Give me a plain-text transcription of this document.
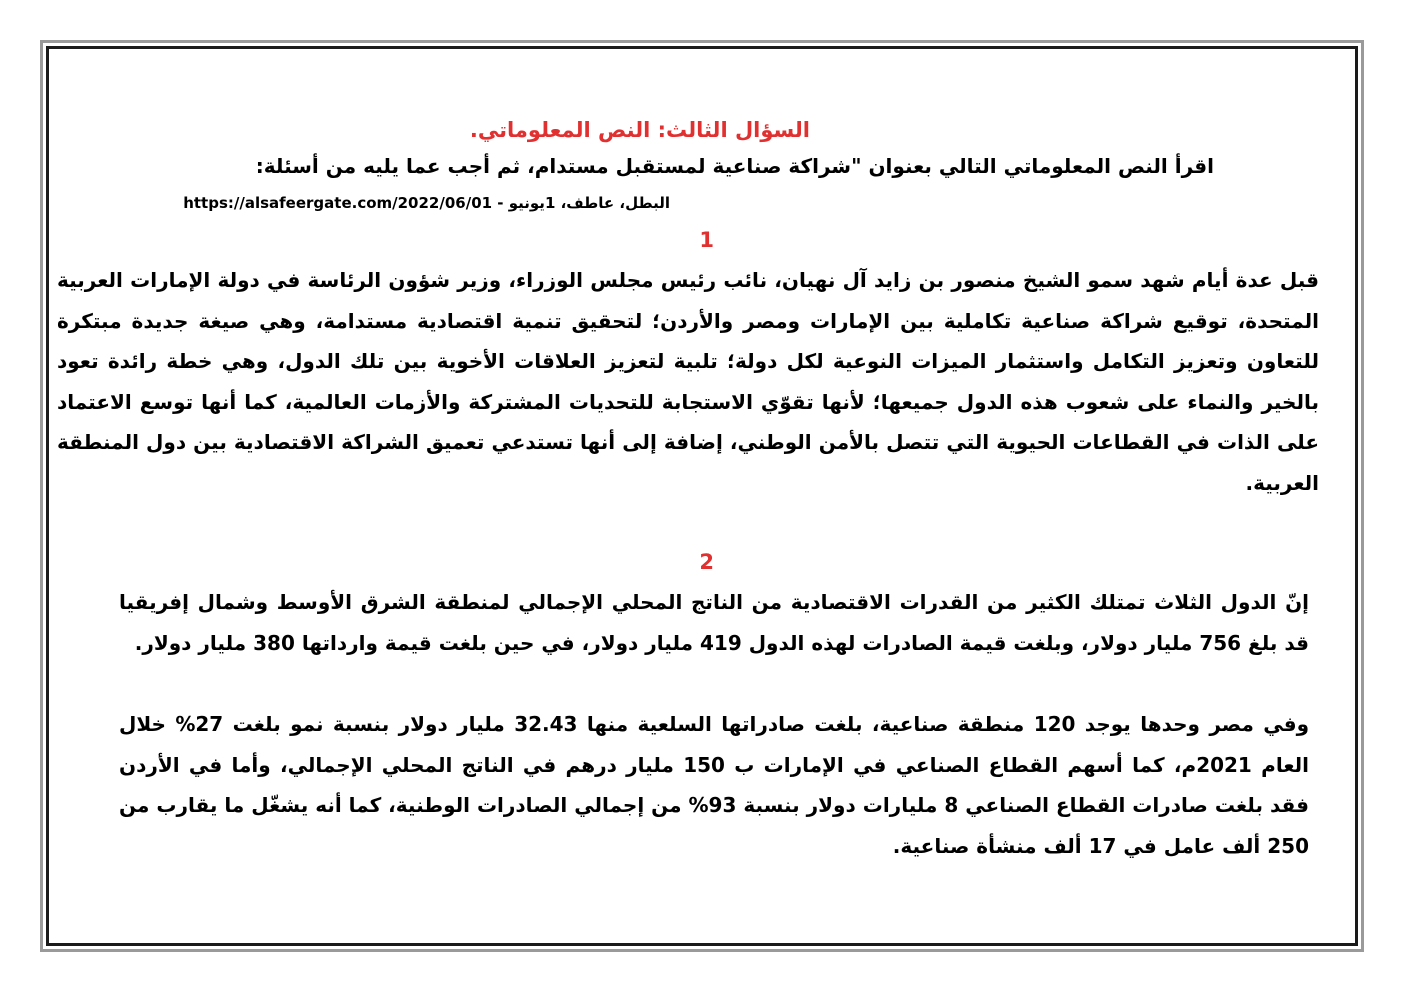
السؤال الثالث: النص المعلوماتي.
اقرأ النص المعلوماتي التالي بعنوان "شراكة صناعية لمستقبل مستدام، ثم أجب عما يليه من أسئلة:
البطل، عاطف، 1يونيو - https://alsafeergate.com/2022/06/01
1
قبل عدة أيام شهد سمو الشيخ منصور بن زايد آل نهيان، نائب رئيس مجلس الوزراء، وزير شؤون الرئاسة في دولة الإمارات العربية المتحدة، توقيع شراكة صناعية تكاملية بين الإمارات ومصر والأردن؛ لتحقيق تنمية اقتصادية مستدامة، وهي صيغة جديدة مبتكرة للتعاون وتعزيز التكامل واستثمار الميزات النوعية لكل دولة؛ تلبية لتعزيز العلاقات الأخوية بين تلك الدول، وهي خطة رائدة تعود بالخير والنماء على شعوب هذه الدول جميعها؛ لأنها تقوّي الاستجابة للتحديات المشتركة والأزمات العالمية، كما أنها توسع الاعتماد على الذات في القطاعات الحيوية التي تتصل بالأمن الوطني، إضافة إلى أنها تستدعي تعميق الشراكة الاقتصادية بين دول المنطقة العربية.
2
إنّ الدول الثلاث تمتلك الكثير من القدرات الاقتصادية من الناتج المحلي الإجمالي لمنطقة الشرق الأوسط وشمال إفريقيا قد بلغ 756 مليار دولار، وبلغت قيمة الصادرات لهذه الدول 419 مليار دولار، في حين بلغت قيمة وارداتها 380 مليار دولار.
وفي مصر وحدها يوجد 120 منطقة صناعية، بلغت صادراتها السلعية منها 32.43 مليار دولار بنسبة نمو بلغت 27% خلال العام 2021م، كما أسهم القطاع الصناعي في الإمارات ب 150 مليار درهم في الناتج المحلي الإجمالي، وأما في الأردن فقد بلغت صادرات القطاع الصناعي 8 مليارات دولار بنسبة 93% من إجمالي الصادرات الوطنية، كما أنه يشغّل ما يقارب من 250 ألف عامل في 17 ألف منشأة صناعية.
